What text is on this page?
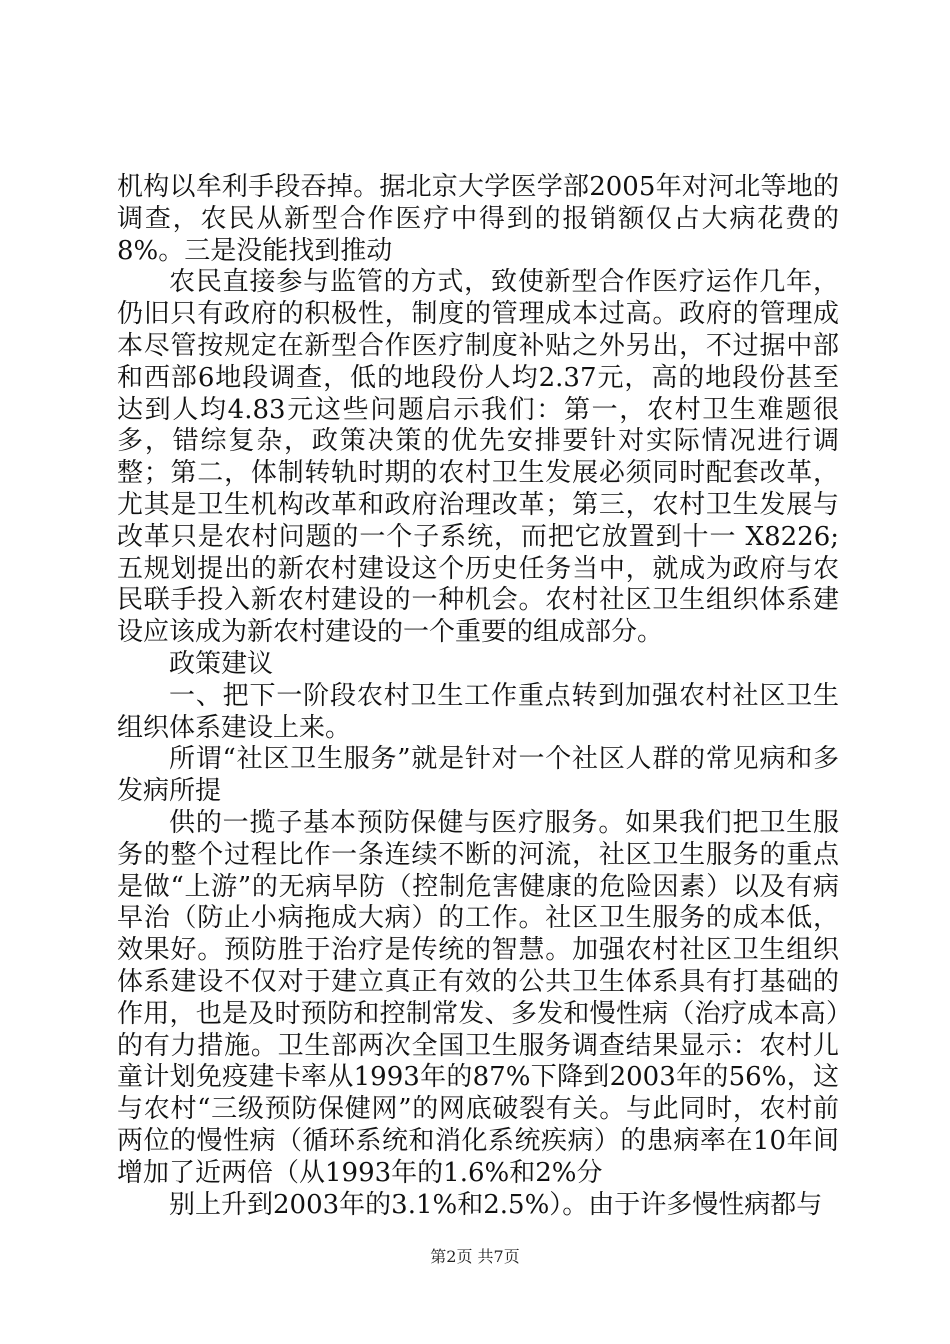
机构以牟利手段吞掉。据北京大学医学部2005年对河北等地的调查，农民从新型合作医疗中得到的报销额仅占大病花费的8%。三是没能找到推动

农民直接参与监管的方式，致使新型合作医疗运作几年，仍旧只有政府的积极性，制度的管理成本过高。政府的管理成本尽管按规定在新型合作医疗制度补贴之外另出，不过据中部和西部6地段调查，低的地段份人均2.37元，高的地段份甚至达到人均4.83元这些问题启示我们：第一，农村卫生难题很多，错综复杂，政策决策的优先安排要针对实际情况进行调整；第二，体制转轨时期的农村卫生发展必须同时配套改革，尤其是卫生机构改革和政府治理改革；第三，农村卫生发展与改革只是农村问题的一个子系统，而把它放置到十一 X8226;五规划提出的新农村建设这个历史任务当中，就成为政府与农民联手投入新农村建设的一种机会。农村社区卫生组织体系建设应该成为新农村建设的一个重要的组成部分。

政策建议

一、把下一阶段农村卫生工作重点转到加强农村社区卫生组织体系建设上来。

所谓“社区卫生服务”就是针对一个社区人群的常见病和多发病所提

供的一揽子基本预防保健与医疗服务。如果我们把卫生服务的整个过程比作一条连续不断的河流，社区卫生服务的重点是做“上游”的无病早防（控制危害健康的危险因素）以及有病早治（防止小病拖成大病）的工作。社区卫生服务的成本低，效果好。预防胜于治疗是传统的智慧。加强农村社区卫生组织体系建设不仅对于建立真正有效的公共卫生体系具有打基础的作用，也是及时预防和控制常发、多发和慢性病（治疗成本高）的有力措施。卫生部两次全国卫生服务调查结果显示：农村儿童计划免疫建卡率从1993年的87%下降到2003年的56%，这与农村“三级预防保健网”的网底破裂有关。与此同时，农村前两位的慢性病（循环系统和消化系统疾病）的患病率在10年间增加了近两倍（从1993年的1.6%和2%分

别上升到2003年的3.1%和2.5%）。由于许多慢性病都与

第2页 共7页
